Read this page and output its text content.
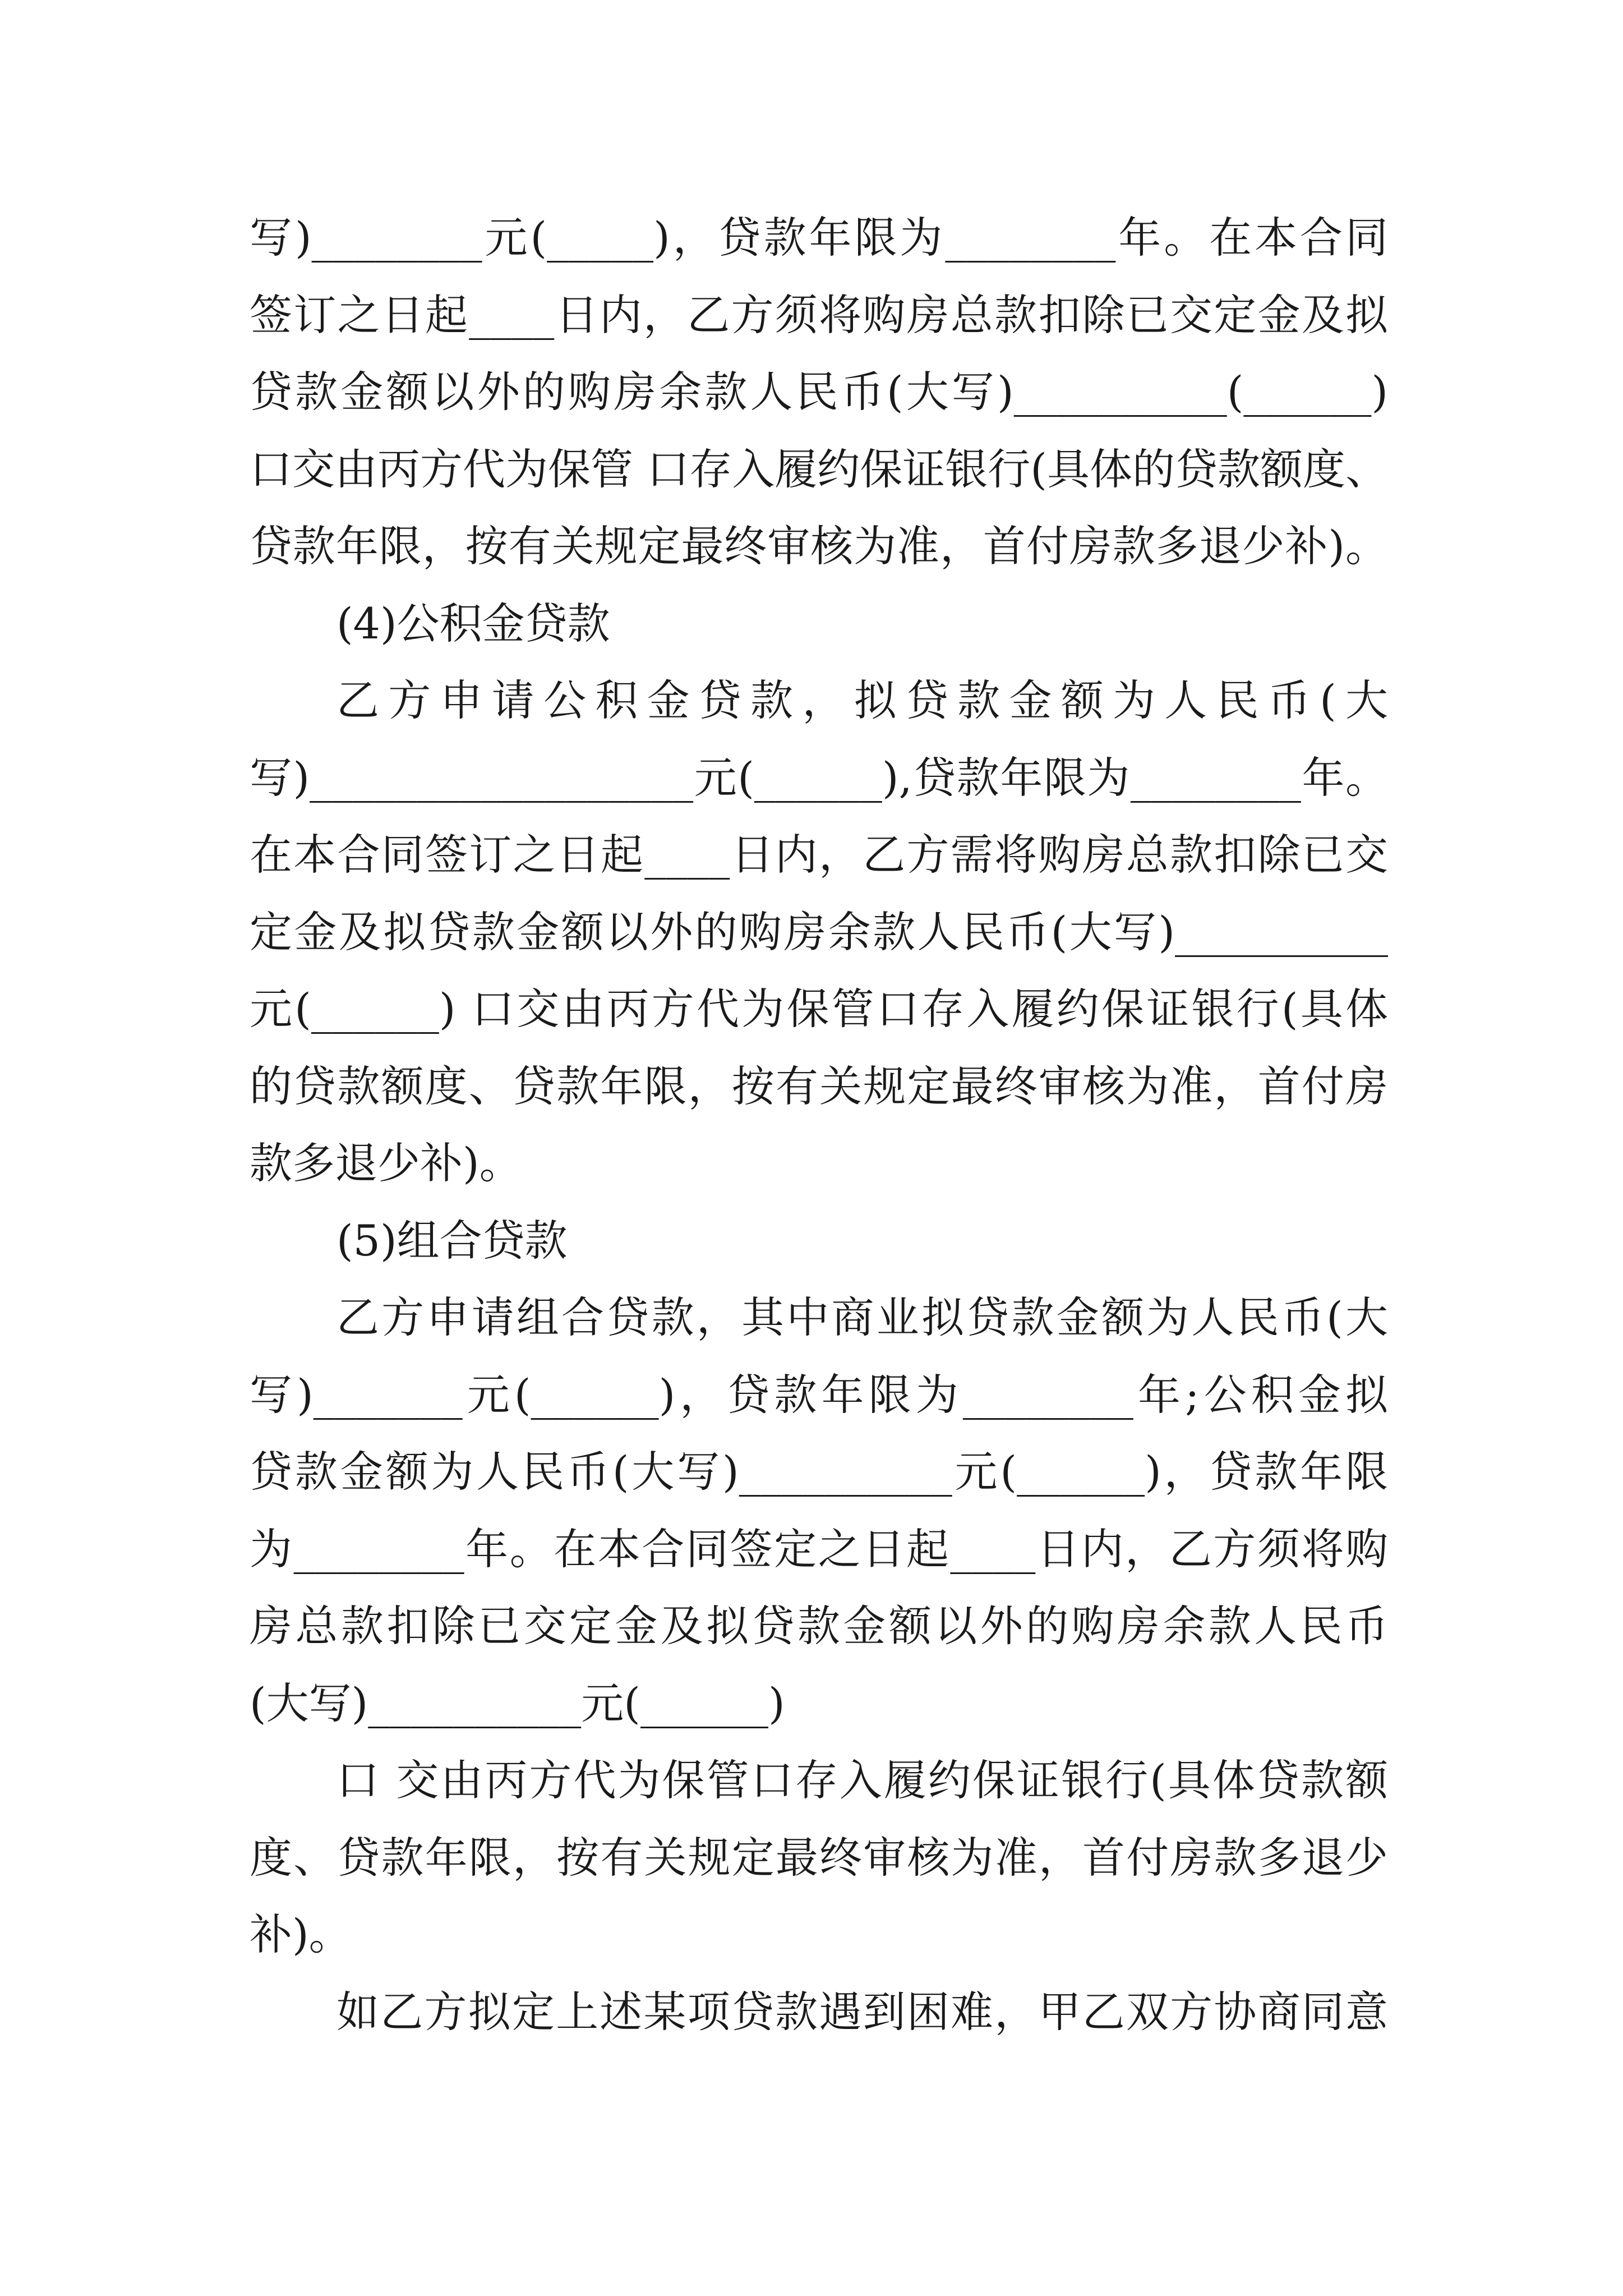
写)________元(_____)，贷款年限为________年。在本合同
签订之日起____日内，乙方须将购房总款扣除已交定金及拟
贷款金额以外的购房余款人民币(大写)__________(______)
口交由丙方代为保管 口存入履约保证银行(具体的贷款额度、
贷款年限，按有关规定最终审核为准，首付房款多退少补)。
(4)公积金贷款
乙方申请公积金贷款，拟贷款金额为人民币(大
写)__________________元(______),贷款年限为________年。
在本合同签订之日起____日内，乙方需将购房总款扣除已交
定金及拟贷款金额以外的购房余款人民币(大写)__________
元(______) 口交由丙方代为保管口存入履约保证银行(具体
的贷款额度、贷款年限，按有关规定最终审核为准，首付房
款多退少补)。
(5)组合贷款
乙方申请组合贷款，其中商业拟贷款金额为人民币(大
写)_______元(______)，贷款年限为________年;公积金拟
贷款金额为人民币(大写)__________元(______)，贷款年限
为________年。在本合同签定之日起____日内，乙方须将购
房总款扣除已交定金及拟贷款金额以外的购房余款人民币
(大写)__________元(______)
口 交由丙方代为保管口存入履约保证银行(具体贷款额
度、贷款年限，按有关规定最终审核为准，首付房款多退少
补)。
如乙方拟定上述某项贷款遇到困难，甲乙双方协商同意
